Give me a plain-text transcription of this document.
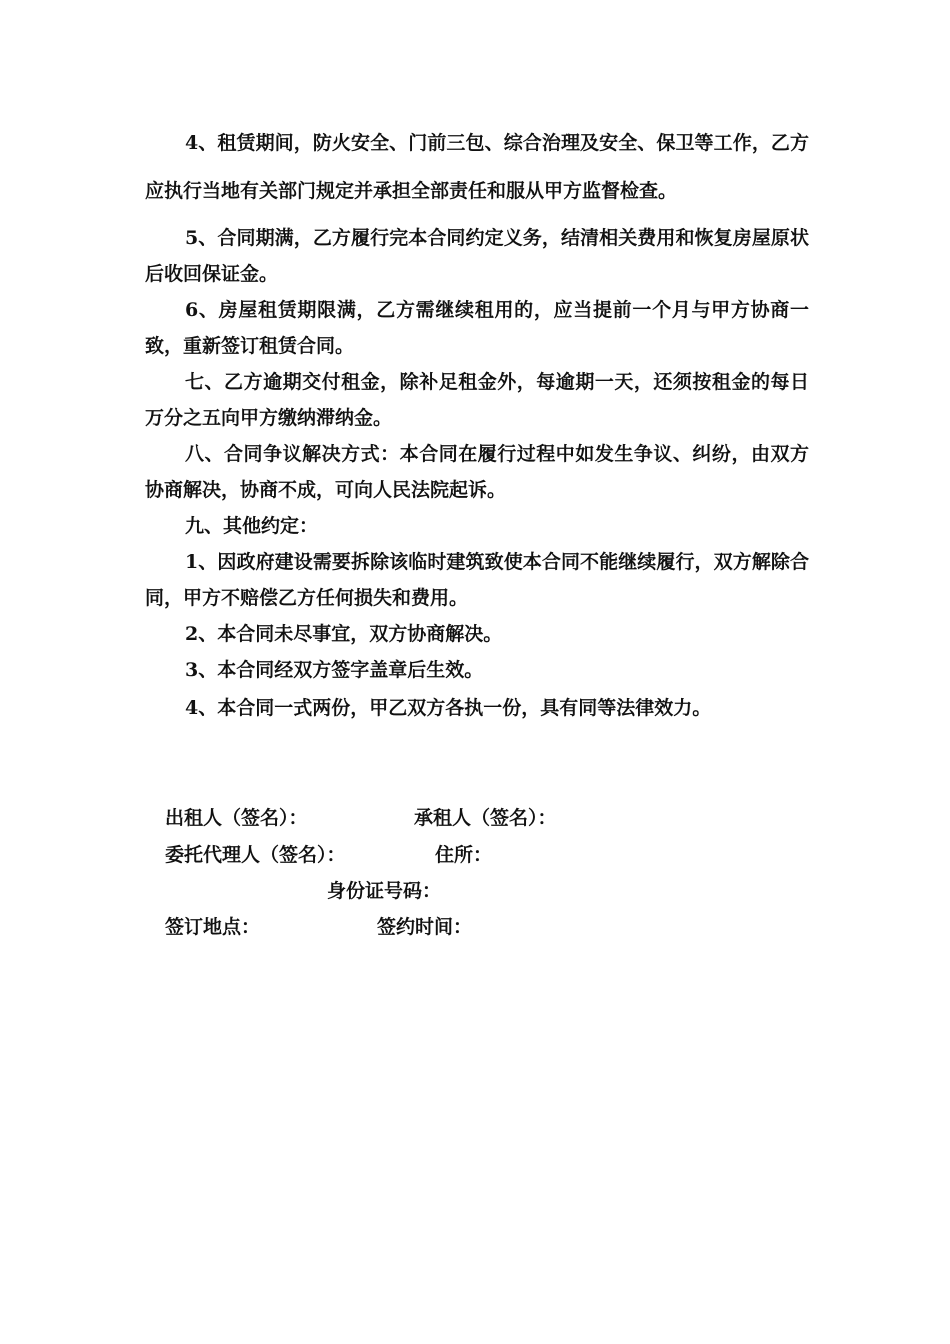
4、租赁期间，防火安全、门前三包、综合治理及安全、保卫等工作，乙方应执行当地有关部门规定并承担全部责任和服从甲方监督检查。

5、合同期满，乙方履行完本合同约定义务，结清相关费用和恢复房屋原状后收回保证金。

6、房屋租赁期限满，乙方需继续租用的，应当提前一个月与甲方协商一致，重新签订租赁合同。

七、乙方逾期交付租金，除补足租金外，每逾期一天，还须按租金的每日万分之五向甲方缴纳滞纳金。

八、合同争议解决方式：本合同在履行过程中如发生争议、纠纷，由双方协商解决，协商不成，可向人民法院起诉。

九、其他约定：

1、因政府建设需要拆除该临时建筑致使本合同不能继续履行，双方解除合同，甲方不赔偿乙方任何损失和费用。

2、本合同未尽事宜，双方协商解决。

3、本合同经双方签字盖章后生效。

4、本合同一式两份，甲乙双方各执一份，具有同等法律效力。

出租人（签名）：	承租人（签名）：
委托代理人（签名）：	住所：
身份证号码：
签订地点：	签约时间：
